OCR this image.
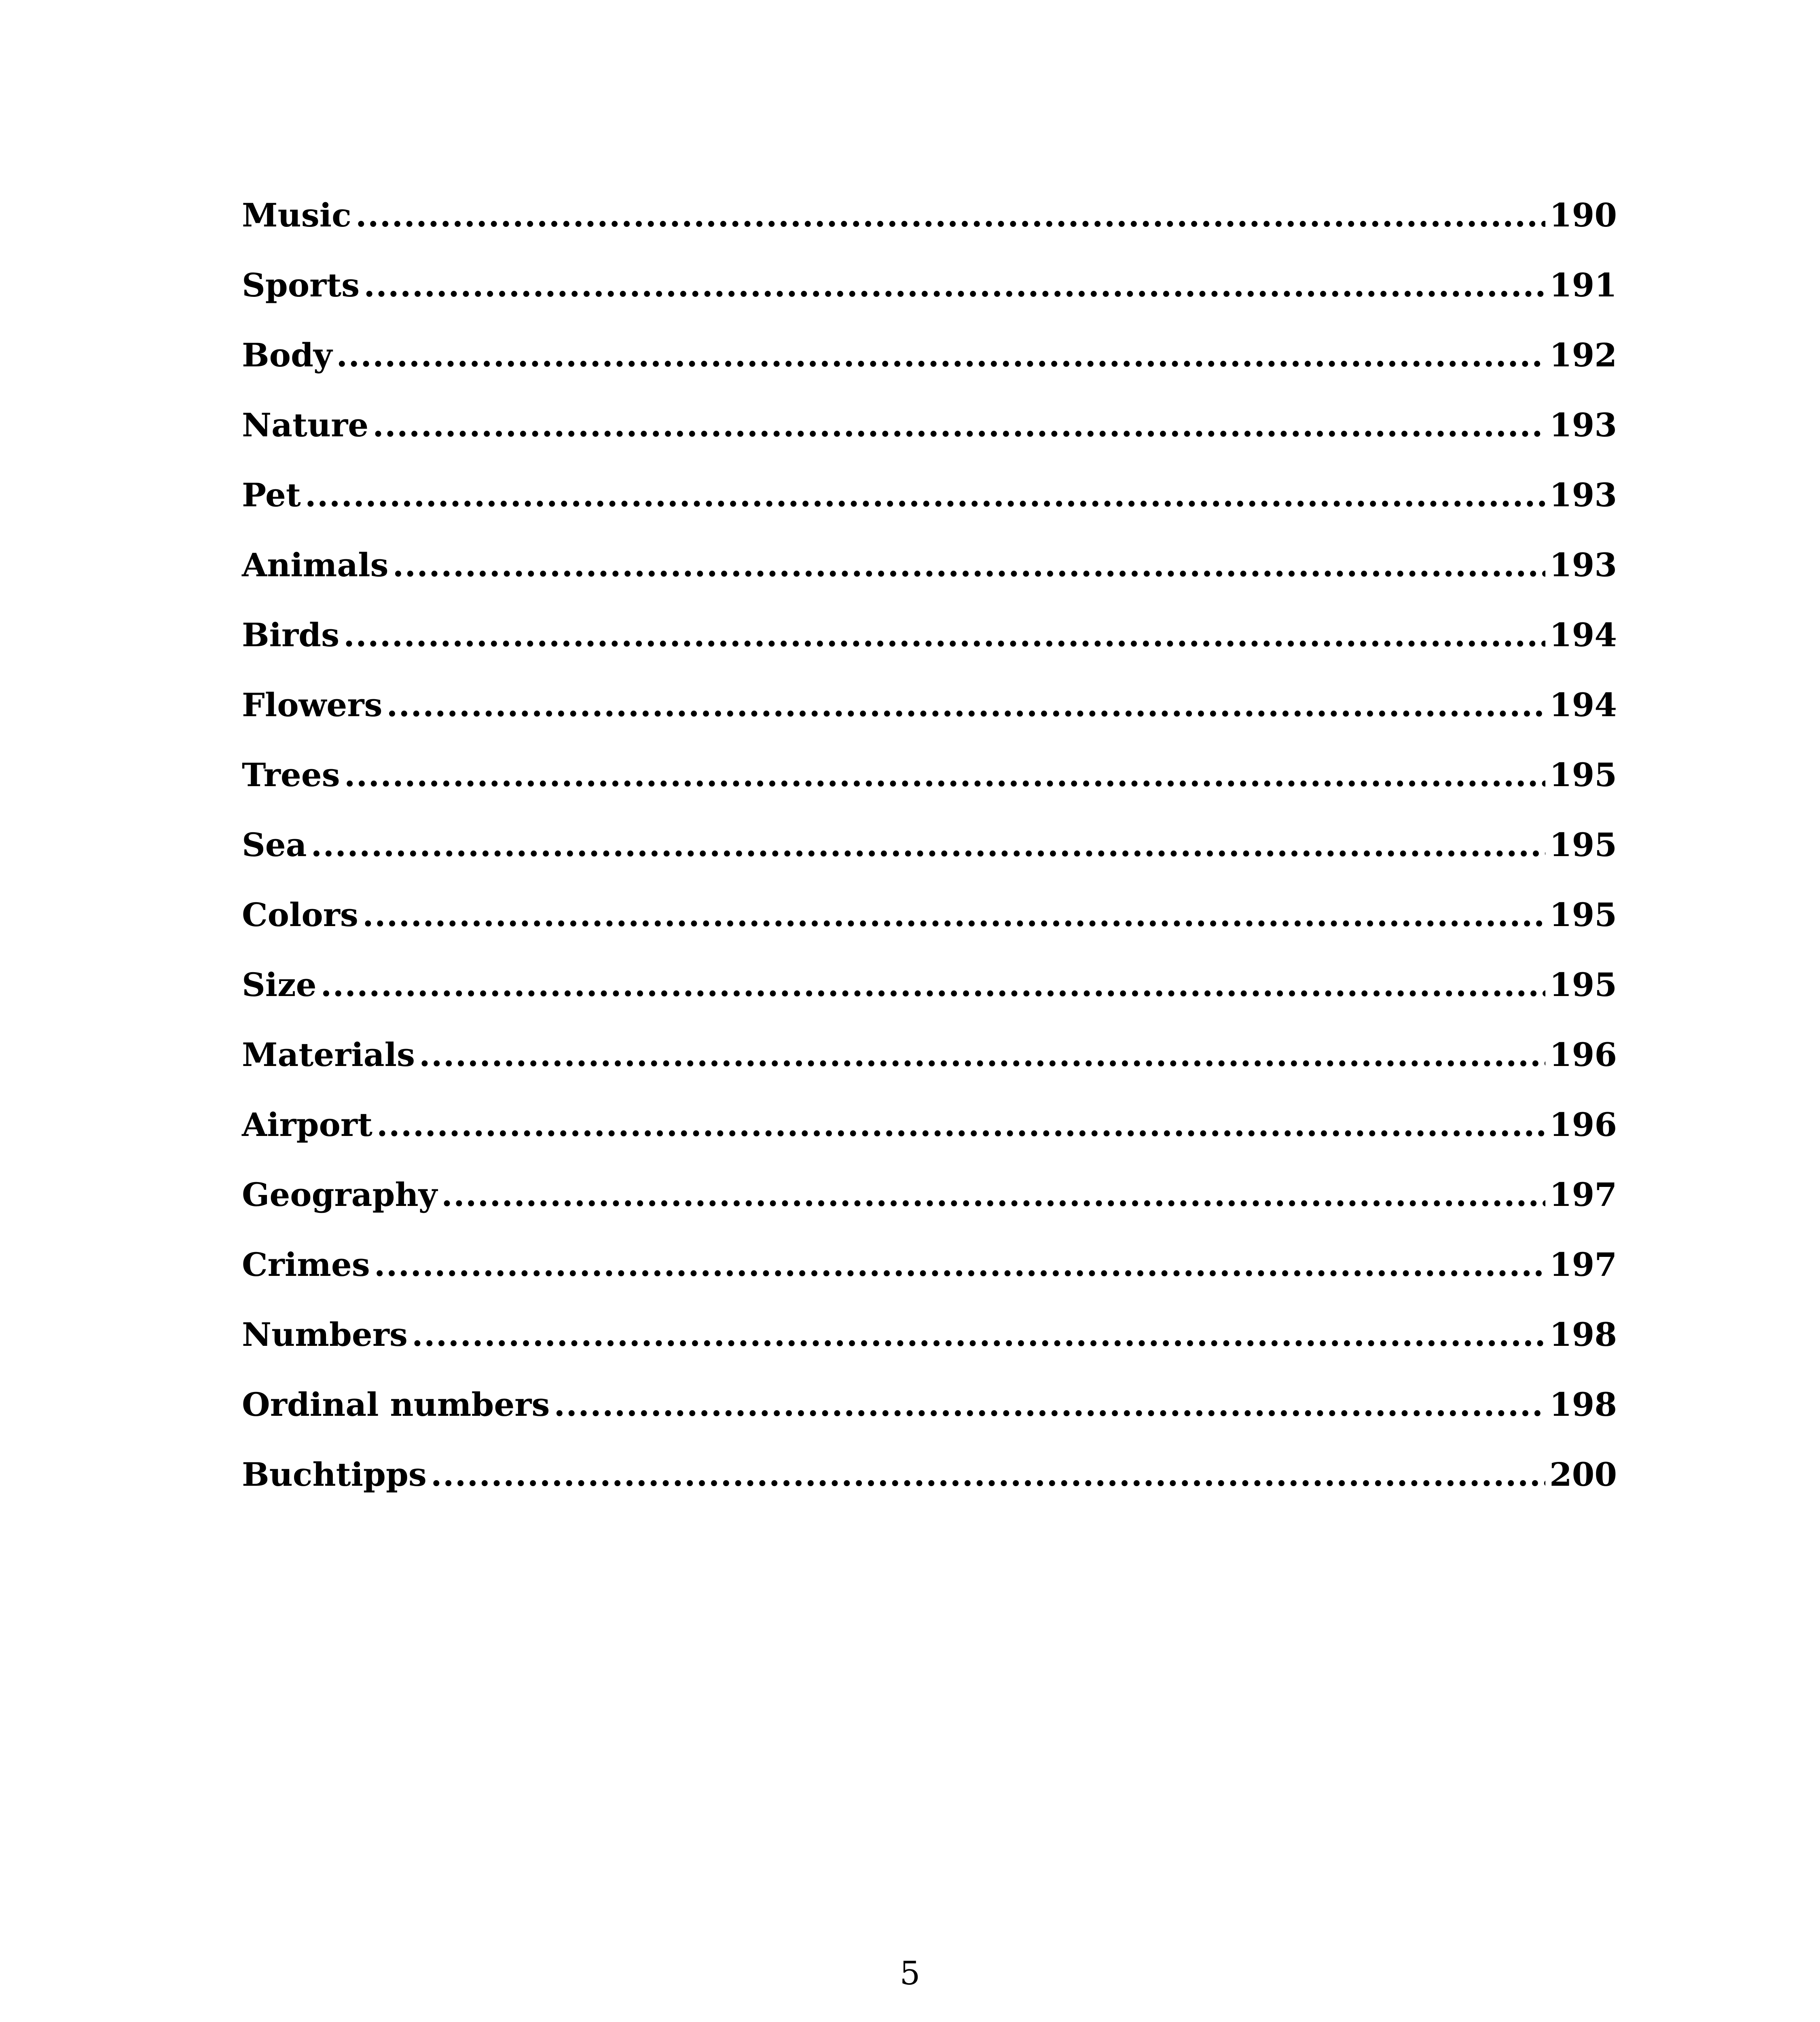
Music .....	190
Sports .....	191
Body .....	192
Nature .....	193
Pet .....	193
Animals .....	193
Birds .....	194
Flowers .....	194
Trees .....	195
Sea .....	195
Colors .....	195
Size .....	195
Materials .....	196
Airport .....	196
Geography .....	197
Crimes .....	197
Numbers .....	198
Ordinal numbers .....	198
Buchtipps .....	200
5
